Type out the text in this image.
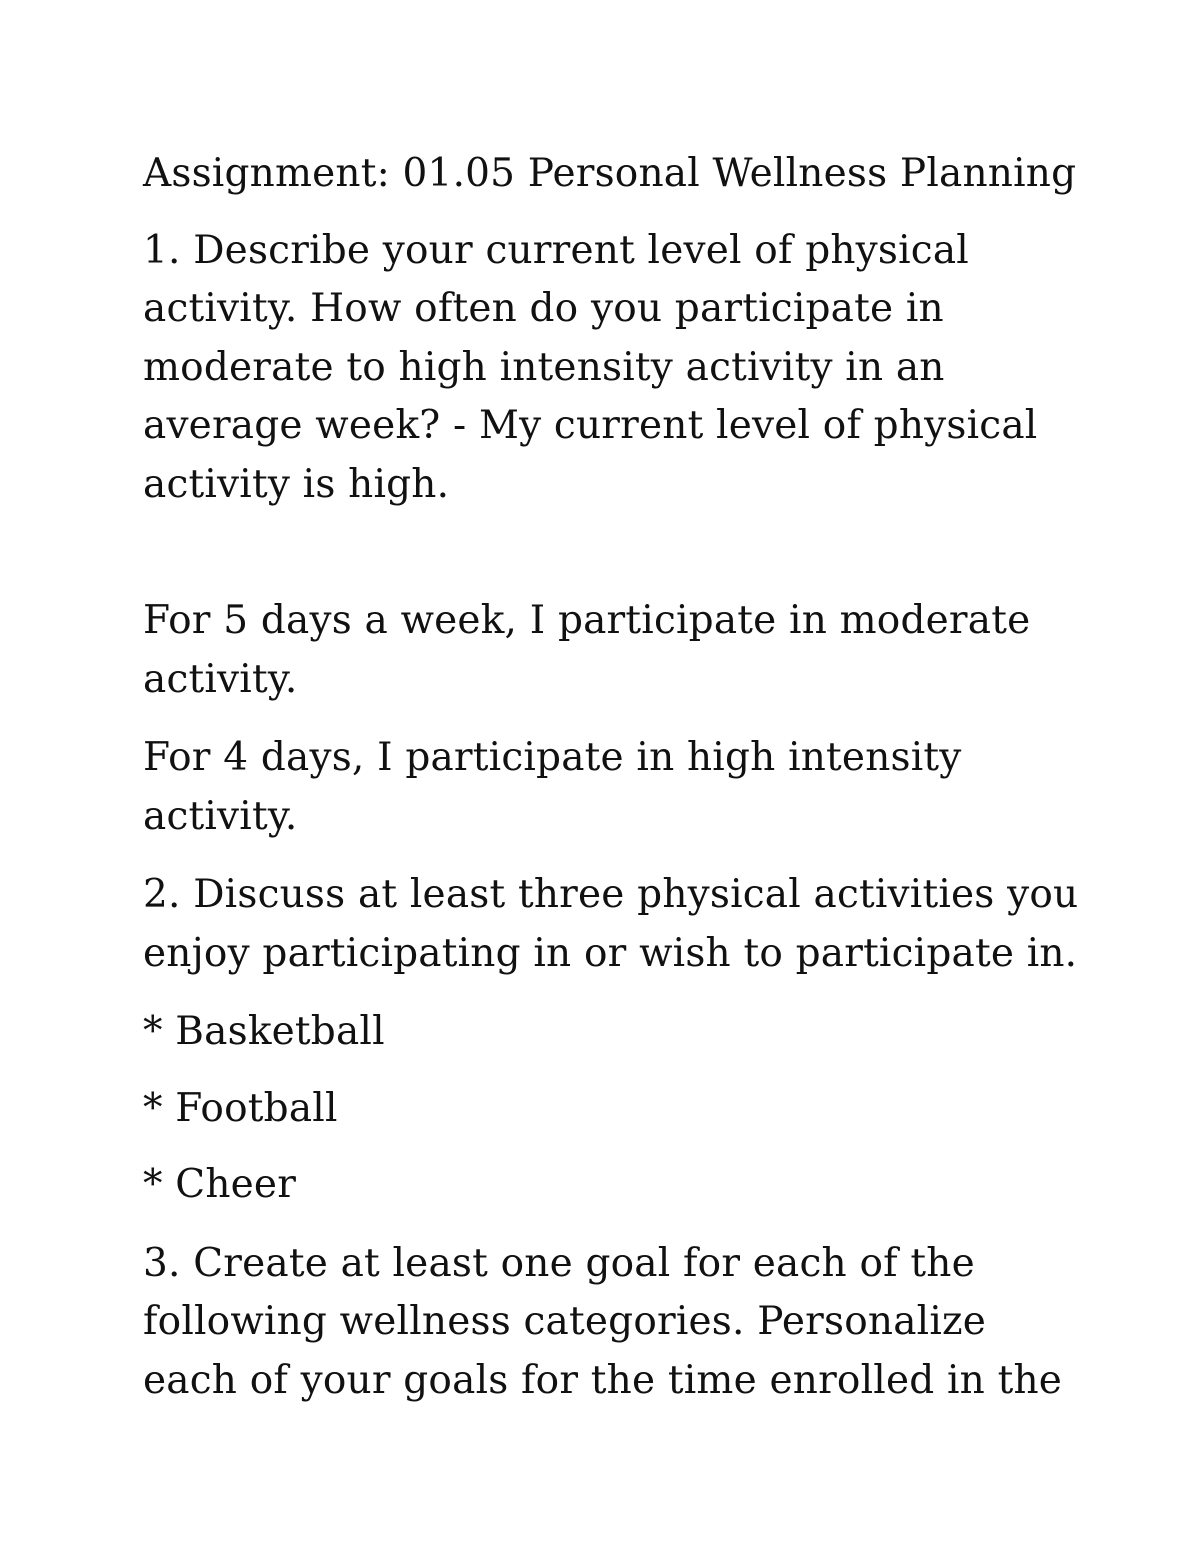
Assignment: 01.05 Personal Wellness Planning
1. Describe your current level of physical
activity. How often do you participate in
moderate to high intensity activity in an
average week? - My current level of physical
activity is high.
For 5 days a week, I participate in moderate
activity.
For 4 days, I participate in high intensity
activity.
2. Discuss at least three physical activities you
enjoy participating in or wish to participate in.
* Basketball
* Football
* Cheer
3. Create at least one goal for each of the
following wellness categories. Personalize
each of your goals for the time enrolled in the
